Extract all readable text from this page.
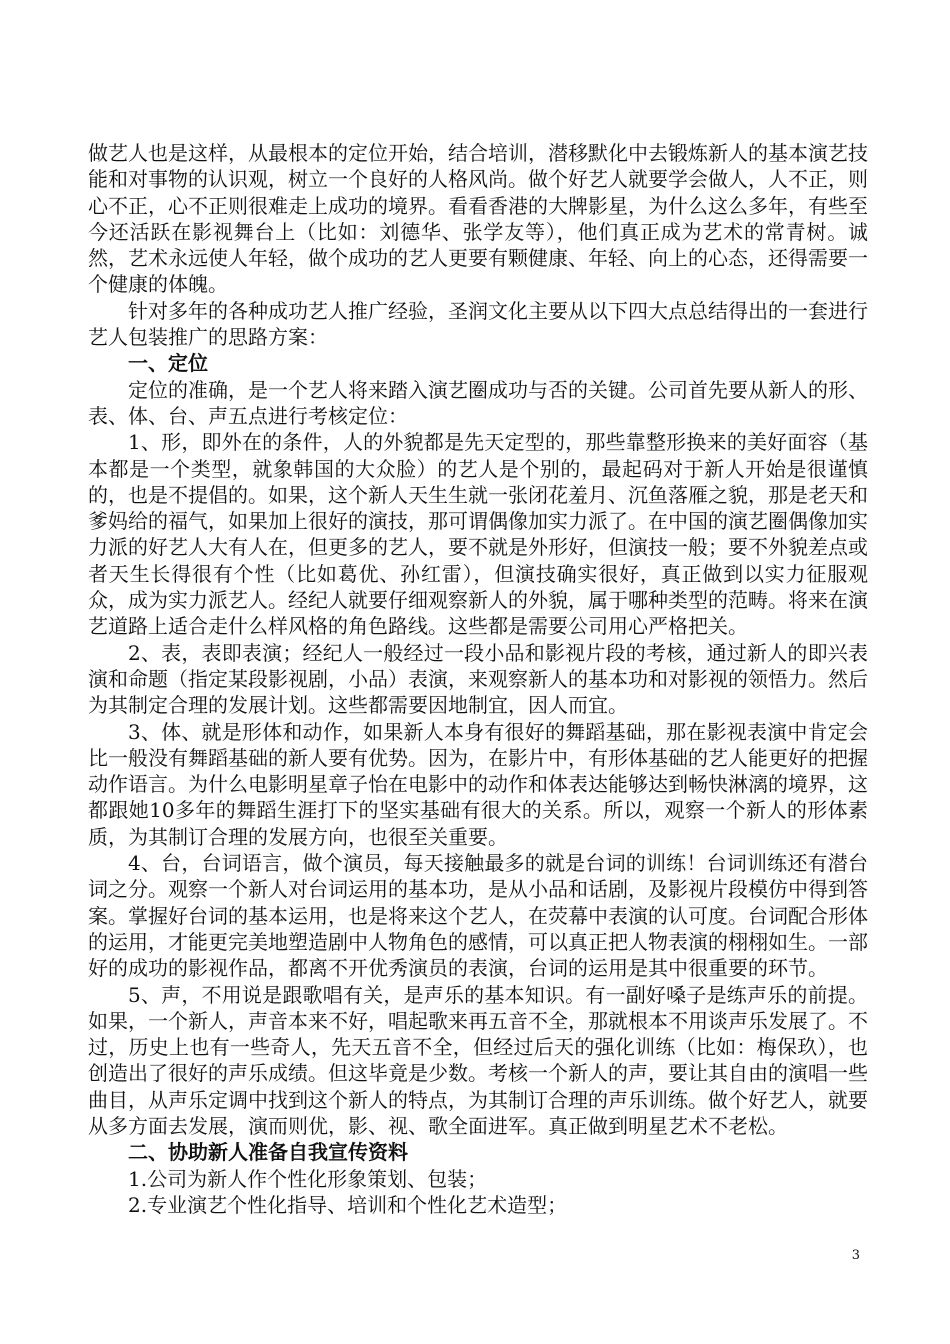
做艺人也是这样，从最根本的定位开始，结合培训，潜移默化中去锻炼新人的基本演艺技能和对事物的认识观，树立一个良好的人格风尚。做个好艺人就要学会做人，人不正，则心不正，心不正则很难走上成功的境界。看看香港的大牌影星，为什么这么多年，有些至今还活跃在影视舞台上（比如：刘德华、张学友等），他们真正成为艺术的常青树。诚然，艺术永远使人年轻，做个成功的艺人更要有颗健康、年轻、向上的心态，还得需要一个健康的体魄。

针对多年的各种成功艺人推广经验，圣润文化主要从以下四大点总结得出的一套进行艺人包装推广的思路方案：

一、定位

定位的准确，是一个艺人将来踏入演艺圈成功与否的关键。公司首先要从新人的形、表、体、台、声五点进行考核定位：

1、形，即外在的条件，人的外貌都是先天定型的，那些靠整形换来的美好面容（基本都是一个类型，就象韩国的大众脸）的艺人是个别的，最起码对于新人开始是很谨慎的，也是不提倡的。如果，这个新人天生生就一张闭花羞月、沉鱼落雁之貌，那是老天和爹妈给的福气，如果加上很好的演技，那可谓偶像加实力派了。在中国的演艺圈偶像加实力派的好艺人大有人在，但更多的艺人，要不就是外形好，但演技一般；要不外貌差点或者天生长得很有个性（比如葛优、孙红雷），但演技确实很好，真正做到以实力征服观众，成为实力派艺人。经纪人就要仔细观察新人的外貌，属于哪种类型的范畴。将来在演艺道路上适合走什么样风格的角色路线。这些都是需要公司用心严格把关。

2、表，表即表演；经纪人一般经过一段小品和影视片段的考核，通过新人的即兴表演和命题（指定某段影视剧，小品）表演，来观察新人的基本功和对影视的领悟力。然后为其制定合理的发展计划。这些都需要因地制宜，因人而宜。

3、体、就是形体和动作，如果新人本身有很好的舞蹈基础，那在影视表演中肯定会比一般没有舞蹈基础的新人要有优势。因为，在影片中，有形体基础的艺人能更好的把握动作语言。为什么电影明星章子怡在电影中的动作和体表达能够达到畅快淋漓的境界，这都跟她10多年的舞蹈生涯打下的坚实基础有很大的关系。所以，观察一个新人的形体素质，为其制订合理的发展方向，也很至关重要。

4、台，台词语言，做个演员，每天接触最多的就是台词的训练！台词训练还有潜台词之分。观察一个新人对台词运用的基本功，是从小品和话剧，及影视片段模仿中得到答案。掌握好台词的基本运用，也是将来这个艺人，在荧幕中表演的认可度。台词配合形体的运用，才能更完美地塑造剧中人物角色的感情，可以真正把人物表演的栩栩如生。一部好的成功的影视作品，都离不开优秀演员的表演，台词的运用是其中很重要的环节。

5、声，不用说是跟歌唱有关，是声乐的基本知识。有一副好嗓子是练声乐的前提。如果，一个新人，声音本来不好，唱起歌来再五音不全，那就根本不用谈声乐发展了。不过，历史上也有一些奇人，先天五音不全，但经过后天的强化训练（比如：梅保玖），也创造出了很好的声乐成绩。但这毕竟是少数。考核一个新人的声，要让其自由的演唱一些曲目，从声乐定调中找到这个新人的特点，为其制订合理的声乐训练。做个好艺人，就要从多方面去发展，演而则优，影、视、歌全面进军。真正做到明星艺术不老松。

二、协助新人准备自我宣传资料

1.公司为新人作个性化形象策划、包装；

2.专业演艺个性化指导、培训和个性化艺术造型；

3
